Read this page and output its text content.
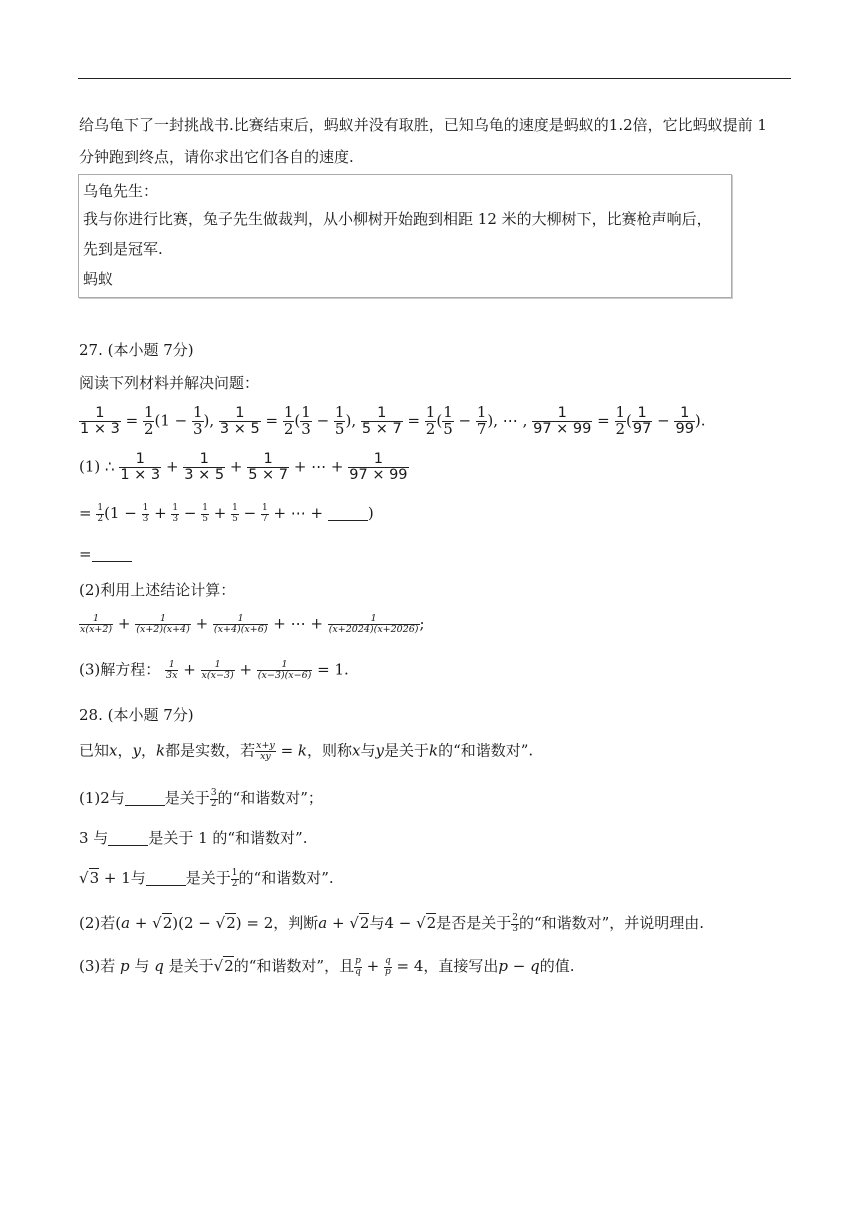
给乌龟下了一封挑战书.比赛结束后，蚂蚁并没有取胜，已知乌龟的速度是蚂蚁的1.2倍，它比蚂蚁提前 1
分钟跑到终点，请你求出它们各自的速度.
乌龟先生：
我与你进行比赛，兔子先生做裁判，从小柳树开始跑到相距 12 米的大柳树下，比赛枪声响后，
先到是冠军.
蚂蚁
27. (本小题 7分)
阅读下列材料并解决问题：
$\frac{1}{1 \times 3} = \frac{1}{2} (1 - \frac{1}{3}$ ), $\frac{1}{3 \times 5} = \frac{1}{2}$ ( $\frac{1}{3} - \frac{1}{5}$ ), $\frac{1}{5 \times 7} = \frac{1}{2}$ ( $\frac{1}{5} - \frac{1}{7}$ ), ⋯ , $\frac{1}{97 \times 99} = \frac{1}{2}$ ( $\frac{1}{97} - \frac{1}{99}$ ).
(1) ∴ $\frac{1}{1 \times 3} + \frac{1}{3 \times 5} + \frac{1}{5 \times 7}$ + ⋯ + $\frac{1}{97 \times 99}$
= $\frac{1}{2} (1 - \frac{1}{3} + \frac{1}{3} - \frac{1}{5} + \frac{1}{5} - \frac{1}{7}$ + ⋯ +	)
=
(2)利用上述结论计算：
$\frac{1}{x(x+2)} + \frac{1}{(x+2)(x+4)} + \frac{1}{(x+4)(x+6)}$ + ⋯ + $\frac{1}{(x+2024)(x+2026)}$ ;
(3)解方程： $\frac{1}{3x} + \frac{1}{x(x-3)} + \frac{1}{(x-3)(x-6)} = 1$.
28. (本小题 7分)
已知x，y，k都是实数，若 $\frac{x+y}{xy} = k$，则称x与y是关于k的“和谐数对”.
(1)2与	是关于 $\frac{3}{2}$ 的“和谐数对”；
3 与	是关于 1 的“和谐数对”.
√3 + 1与	是关于 $\frac{1}{2}$ 的“和谐数对”.
(2)若(a + √2)(2 − √2) = 2，判断a + √2与4 − √2是否是关于 $\frac{2}{3}$ 的“和谐数对”，并说明理由.
(3)若 p 与 q 是关于√2的“和谐数对”，且 $\frac{p}{q} + \frac{q}{p} = 4$，直接写出p − q的值.
